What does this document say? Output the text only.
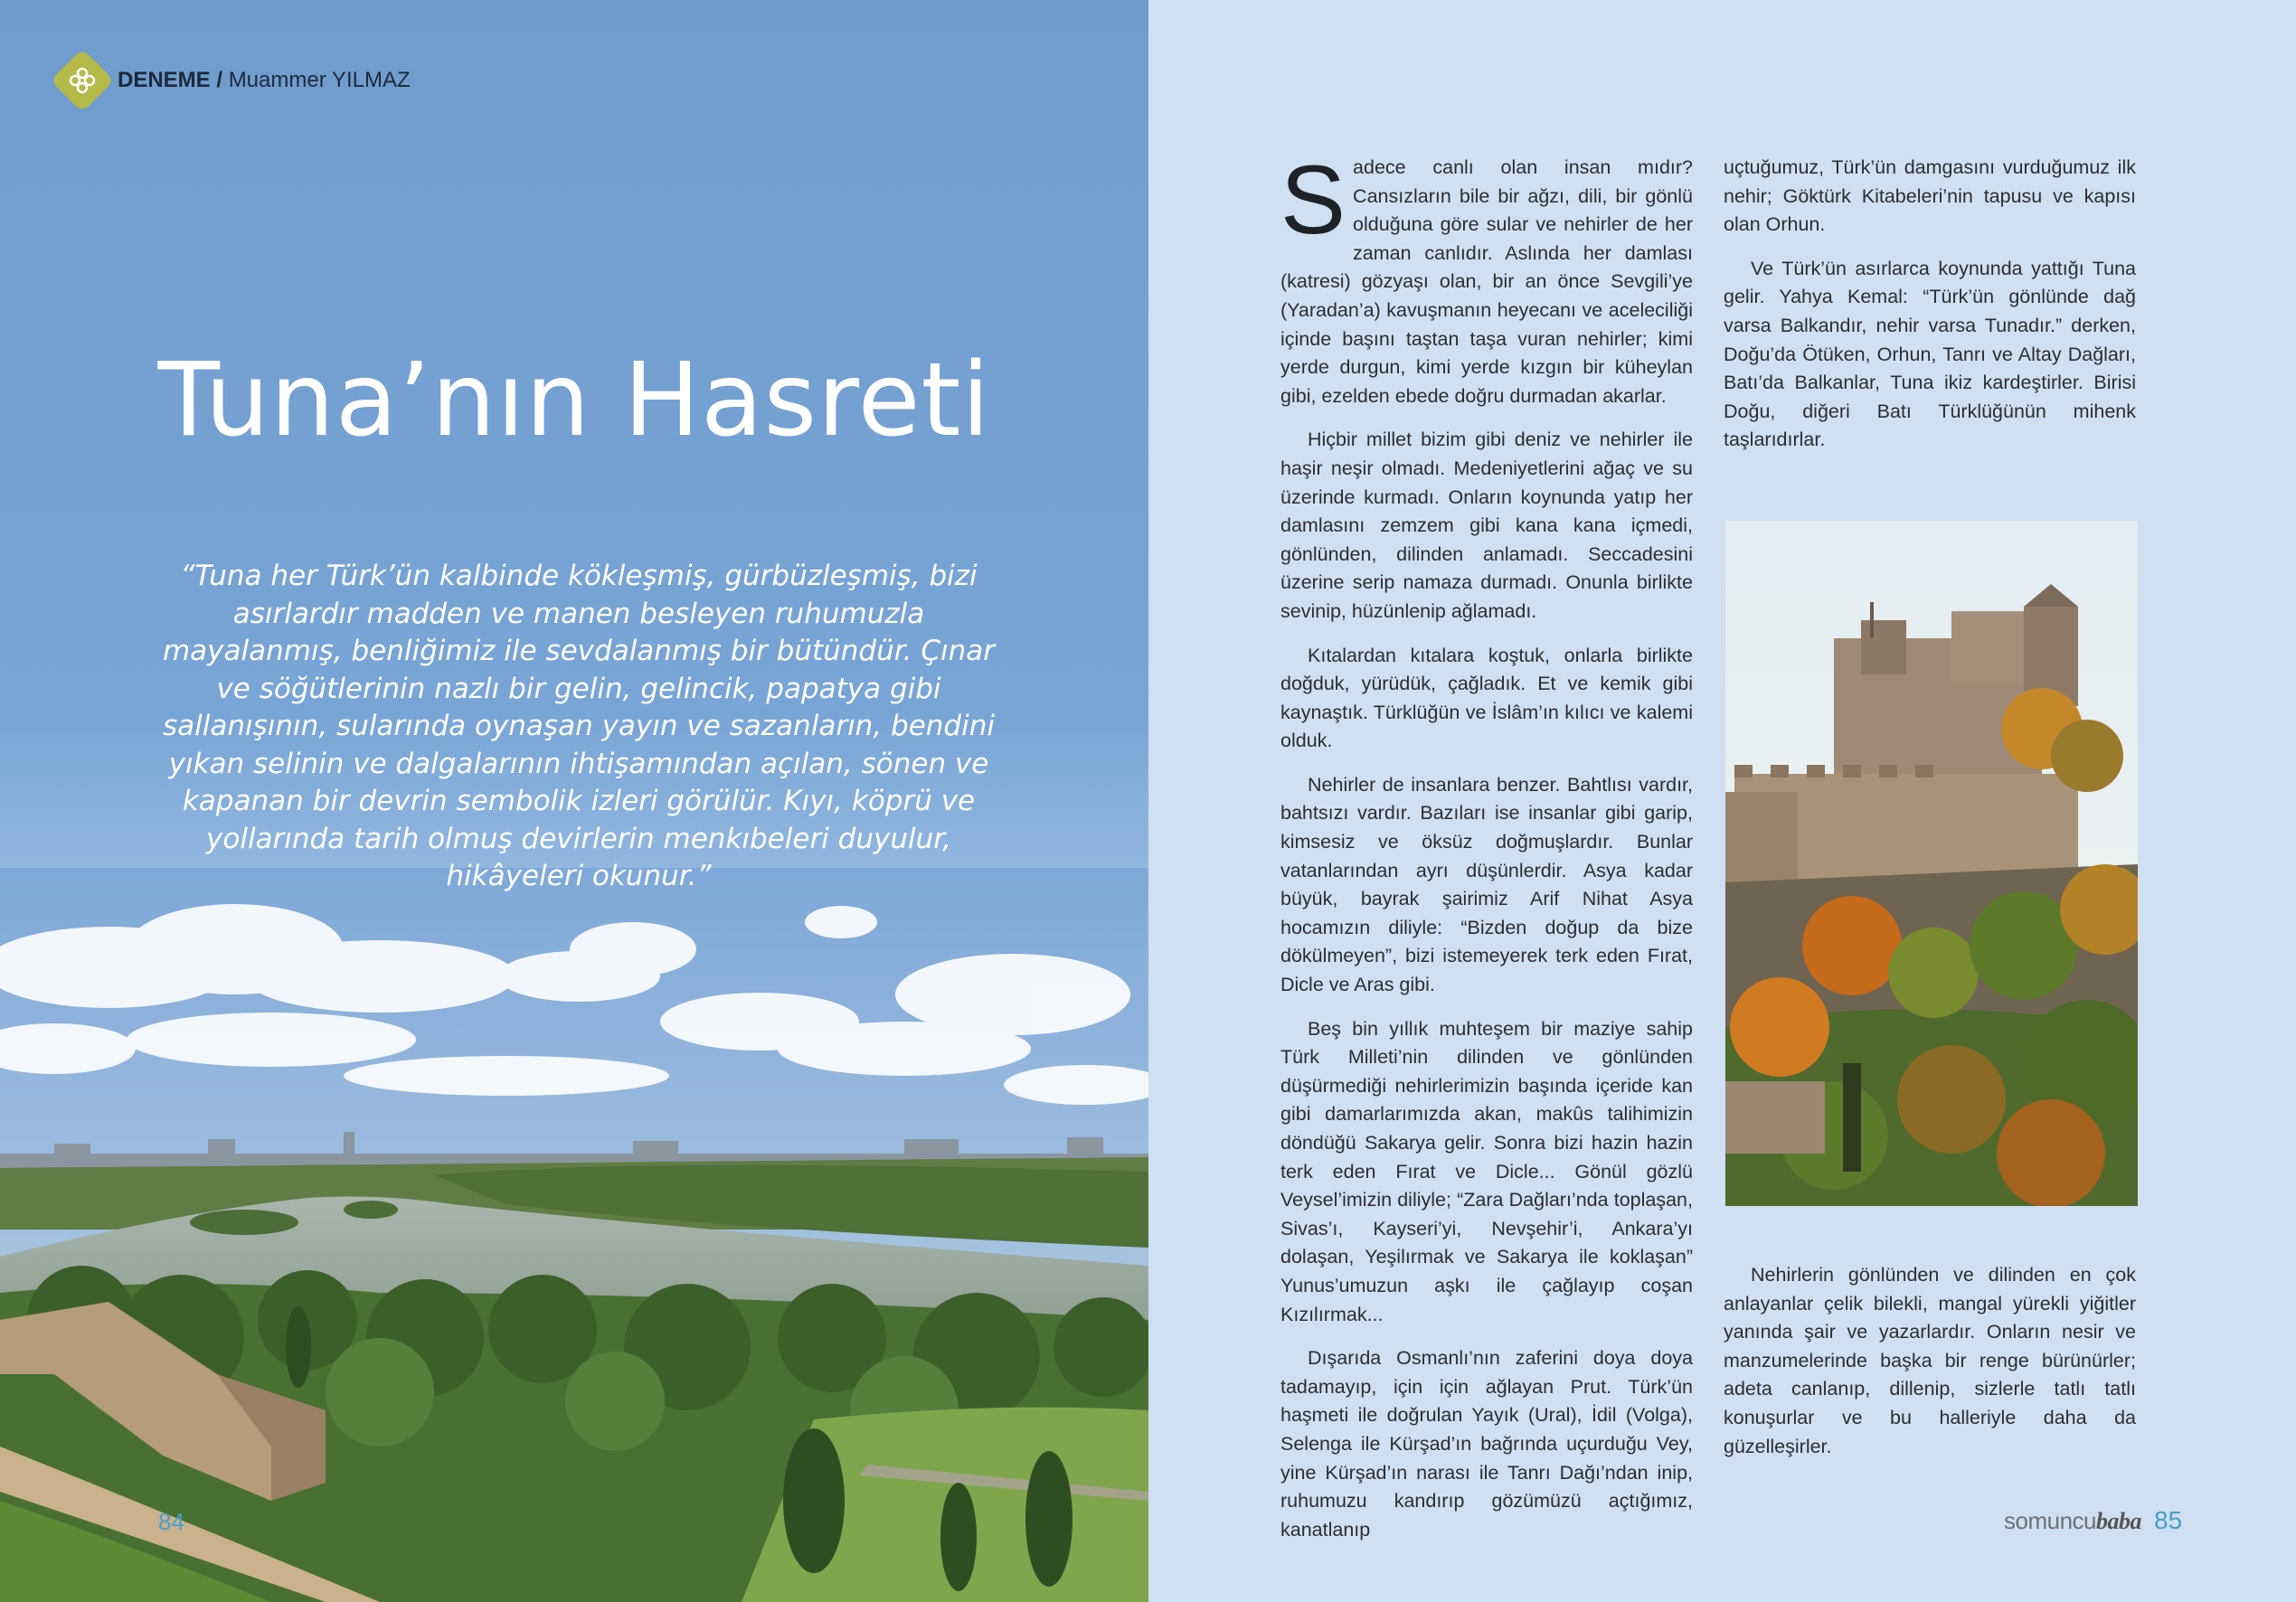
DENEME / Muammer YILMAZ
Tuna’nın Hasreti
“Tuna her Türk’ün kalbinde kökleşmiş, gürbüzleşmiş, bizi asırlardır madden ve manen besleyen ruhumuzla mayalanmış, benliğimiz ile sevdalanmış bir bütündür. Çınar ve söğütlerinin nazlı bir gelin, gelincik, papatya gibi sallanışının, sularında oynaşan yayın ve sazanların, bendini yıkan selinin ve dalgalarının ihtişamından açılan, sönen ve kapanan bir devrin sembolik izleri görülür. Kıyı, köprü ve yollarında tarih olmuş devirlerin menkıbeleri duyulur, hikâyeleri okunur.”
84
S adece canlı olan insan mıdır? Cansızların bile bir ağzı, dili, bir gönlü olduğuna göre sular ve nehirler de her zaman canlıdır. Aslında her damlası (katresi) gözyaşı olan, bir an önce Sevgili’ye (Yaradan’a) kavuşmanın heyecanı ve aceleciliği içinde başını taştan taşa vuran nehirler; kimi yerde durgun, kimi yerde kızgın bir küheylan gibi, ezelden ebede doğru durmadan akarlar.

Hiçbir millet bizim gibi deniz ve nehirler ile haşir neşir olmadı. Medeniyetlerini ağaç ve su üzerinde kurmadı. Onların koynunda yatıp her damlasını zemzem gibi kana kana içmedi, gönlünden, dilinden anlamadı. Seccadesini üzerine serip namaza durmadı. Onunla birlikte sevinip, hüzünlenip ağlamadı.

Kıtalardan kıtalara koştuk, onlarla birlikte doğduk, yürüdük, çağladık. Et ve kemik gibi kaynaştık. Türklüğün ve İslâm’ın kılıcı ve kalemi olduk.

Nehirler de insanlara benzer. Bahtlısı vardır, bahtsızı vardır. Bazıları ise insanlar gibi garip, kimsesiz ve öksüz doğmuşlardır. Bunlar vatanlarından ayrı düşünlerdir. Asya kadar büyük, bayrak şairimiz Arif Nihat Asya hocamızın diliyle: “Bizden doğup da bize dökülmeyen”, bizi istemeyerek terk eden Fırat, Dicle ve Aras gibi.

Beş bin yıllık muhteşem bir maziye sahip Türk Milleti’nin dilinden ve gönlünden düşürmediği nehirlerimizin başında içeride kan gibi damarlarımızda akan, makûs talihimizin döndüğü Sakarya gelir. Sonra bizi hazin hazin terk eden Fırat ve Dicle... Gönül gözlü Veysel’imizin diliyle; “Zara Dağları’nda toplaşan, Sivas’ı, Kayseri’yi, Nevşehir’i, Ankara’yı dolaşan, Yeşilırmak ve Sakarya ile koklaşan” Yunus’umuzun aşkı ile çağlayıp coşan Kızılırmak...

Dışarıda Osmanlı’nın zaferini doya doya tadamayıp, için için ağlayan Prut. Türk’ün haşmeti ile doğrulan Yayık (Ural), İdil (Volga), Selenga ile Kürşad’ın bağrında uçurduğu Vey, yine Kürşad’ın narası ile Tanrı Dağı’ndan inip, ruhumuzu kandırıp gözümüzü açtığımız, kanatlanıp

uçtuğumuz, Türk’ün damgasını vurduğumuz ilk nehir; Göktürk Kitabeleri’nin tapusu ve kapısı olan Orhun.

Ve Türk’ün asırlarca koynunda yattığı Tuna gelir. Yahya Kemal: “Türk’ün gönlünde dağ varsa Balkandır, nehir varsa Tunadır.” derken, Doğu’da Ötüken, Orhun, Tanrı ve Altay Dağları, Batı’da Balkanlar, Tuna ikiz kardeştirler. Birisi Doğu, diğeri Batı Türklüğünün mihenk taşlarıdırlar.

Nehirlerin gönlünden ve dilinden en çok anlayanlar çelik bilekli, mangal yürekli yiğitler yanında şair ve yazarlardır. Onların nesir ve manzumelerinde başka bir renge bürünürler; adeta canlanıp, dillenip, sizlerle tatlı tatlı konuşurlar ve bu halleriyle daha da güzelleşirler.

somuncubaba 85
